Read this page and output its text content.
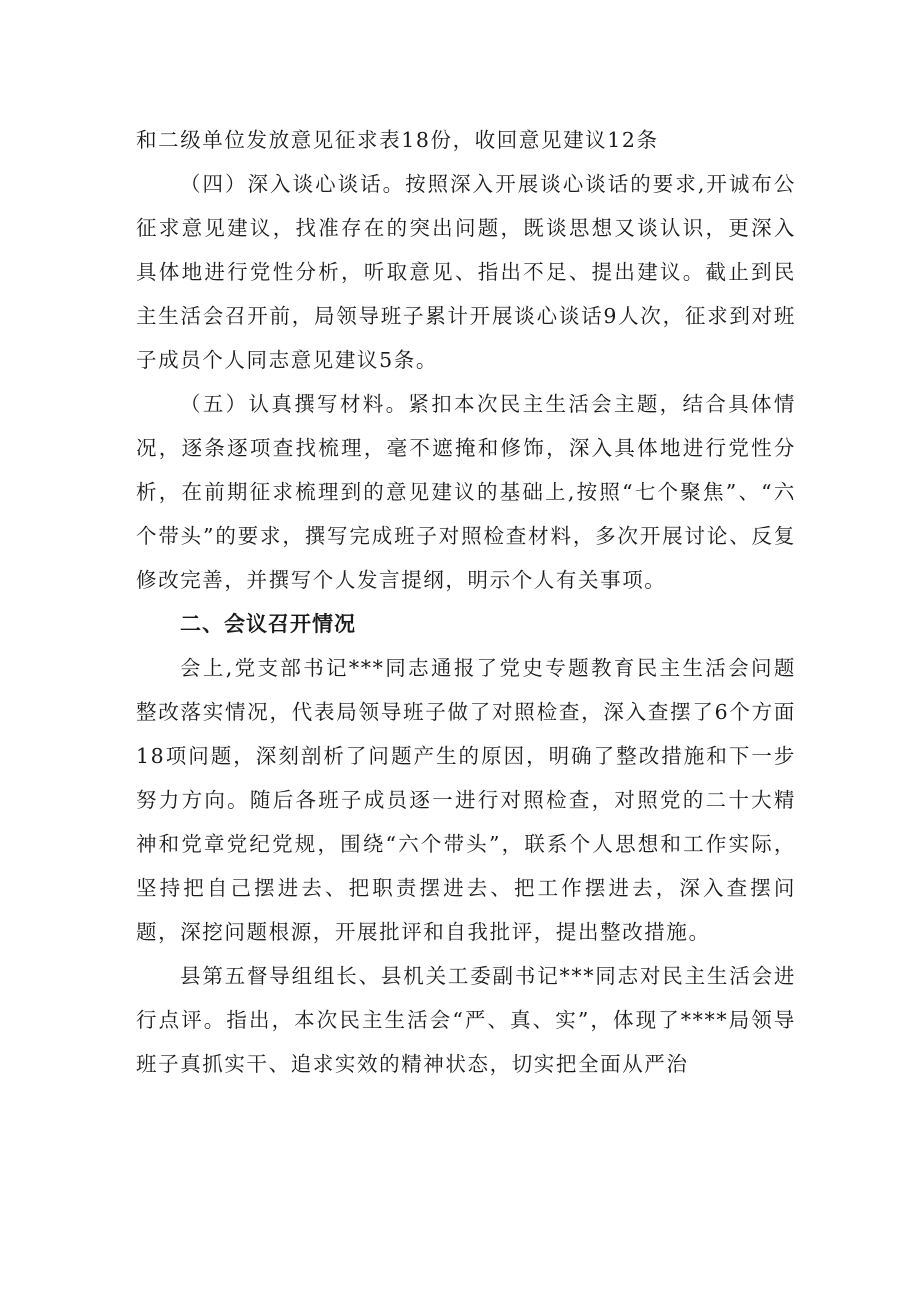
和二级单位发放意见征求表18份，收回意见建议12条

（四）深入谈心谈话。按照深入开展谈心谈话的要求,开诚布公征求意见建议，找准存在的突出问题，既谈思想又谈认识，更深入具体地进行党性分析，听取意见、指出不足、提出建议。截止到民主生活会召开前，局领导班子累计开展谈心谈话9人次，征求到对班子成员个人同志意见建议5条。

（五）认真撰写材料。紧扣本次民主生活会主题，结合具体情况，逐条逐项查找梳理，毫不遮掩和修饰，深入具体地进行党性分析，在前期征求梳理到的意见建议的基础上,按照“七个聚焦”、“六个带头”的要求，撰写完成班子对照检查材料，多次开展讨论、反复修改完善，并撰写个人发言提纲，明示个人有关事项。

二、会议召开情况

会上,党支部书记***同志通报了党史专题教育民主生活会问题整改落实情况，代表局领导班子做了对照检查，深入查摆了6个方面18项问题，深刻剖析了问题产生的原因，明确了整改措施和下一步努力方向。随后各班子成员逐一进行对照检查，对照党的二十大精神和党章党纪党规，围绕“六个带头”，联系个人思想和工作实际，坚持把自己摆进去、把职责摆进去、把工作摆进去，深入查摆问题，深挖问题根源，开展批评和自我批评，提出整改措施。

县第五督导组组长、县机关工委副书记***同志对民主生活会进行点评。指出，本次民主生活会“严、真、实”，体现了****局领导班子真抓实干、追求实效的精神状态，切实把全面从严治
